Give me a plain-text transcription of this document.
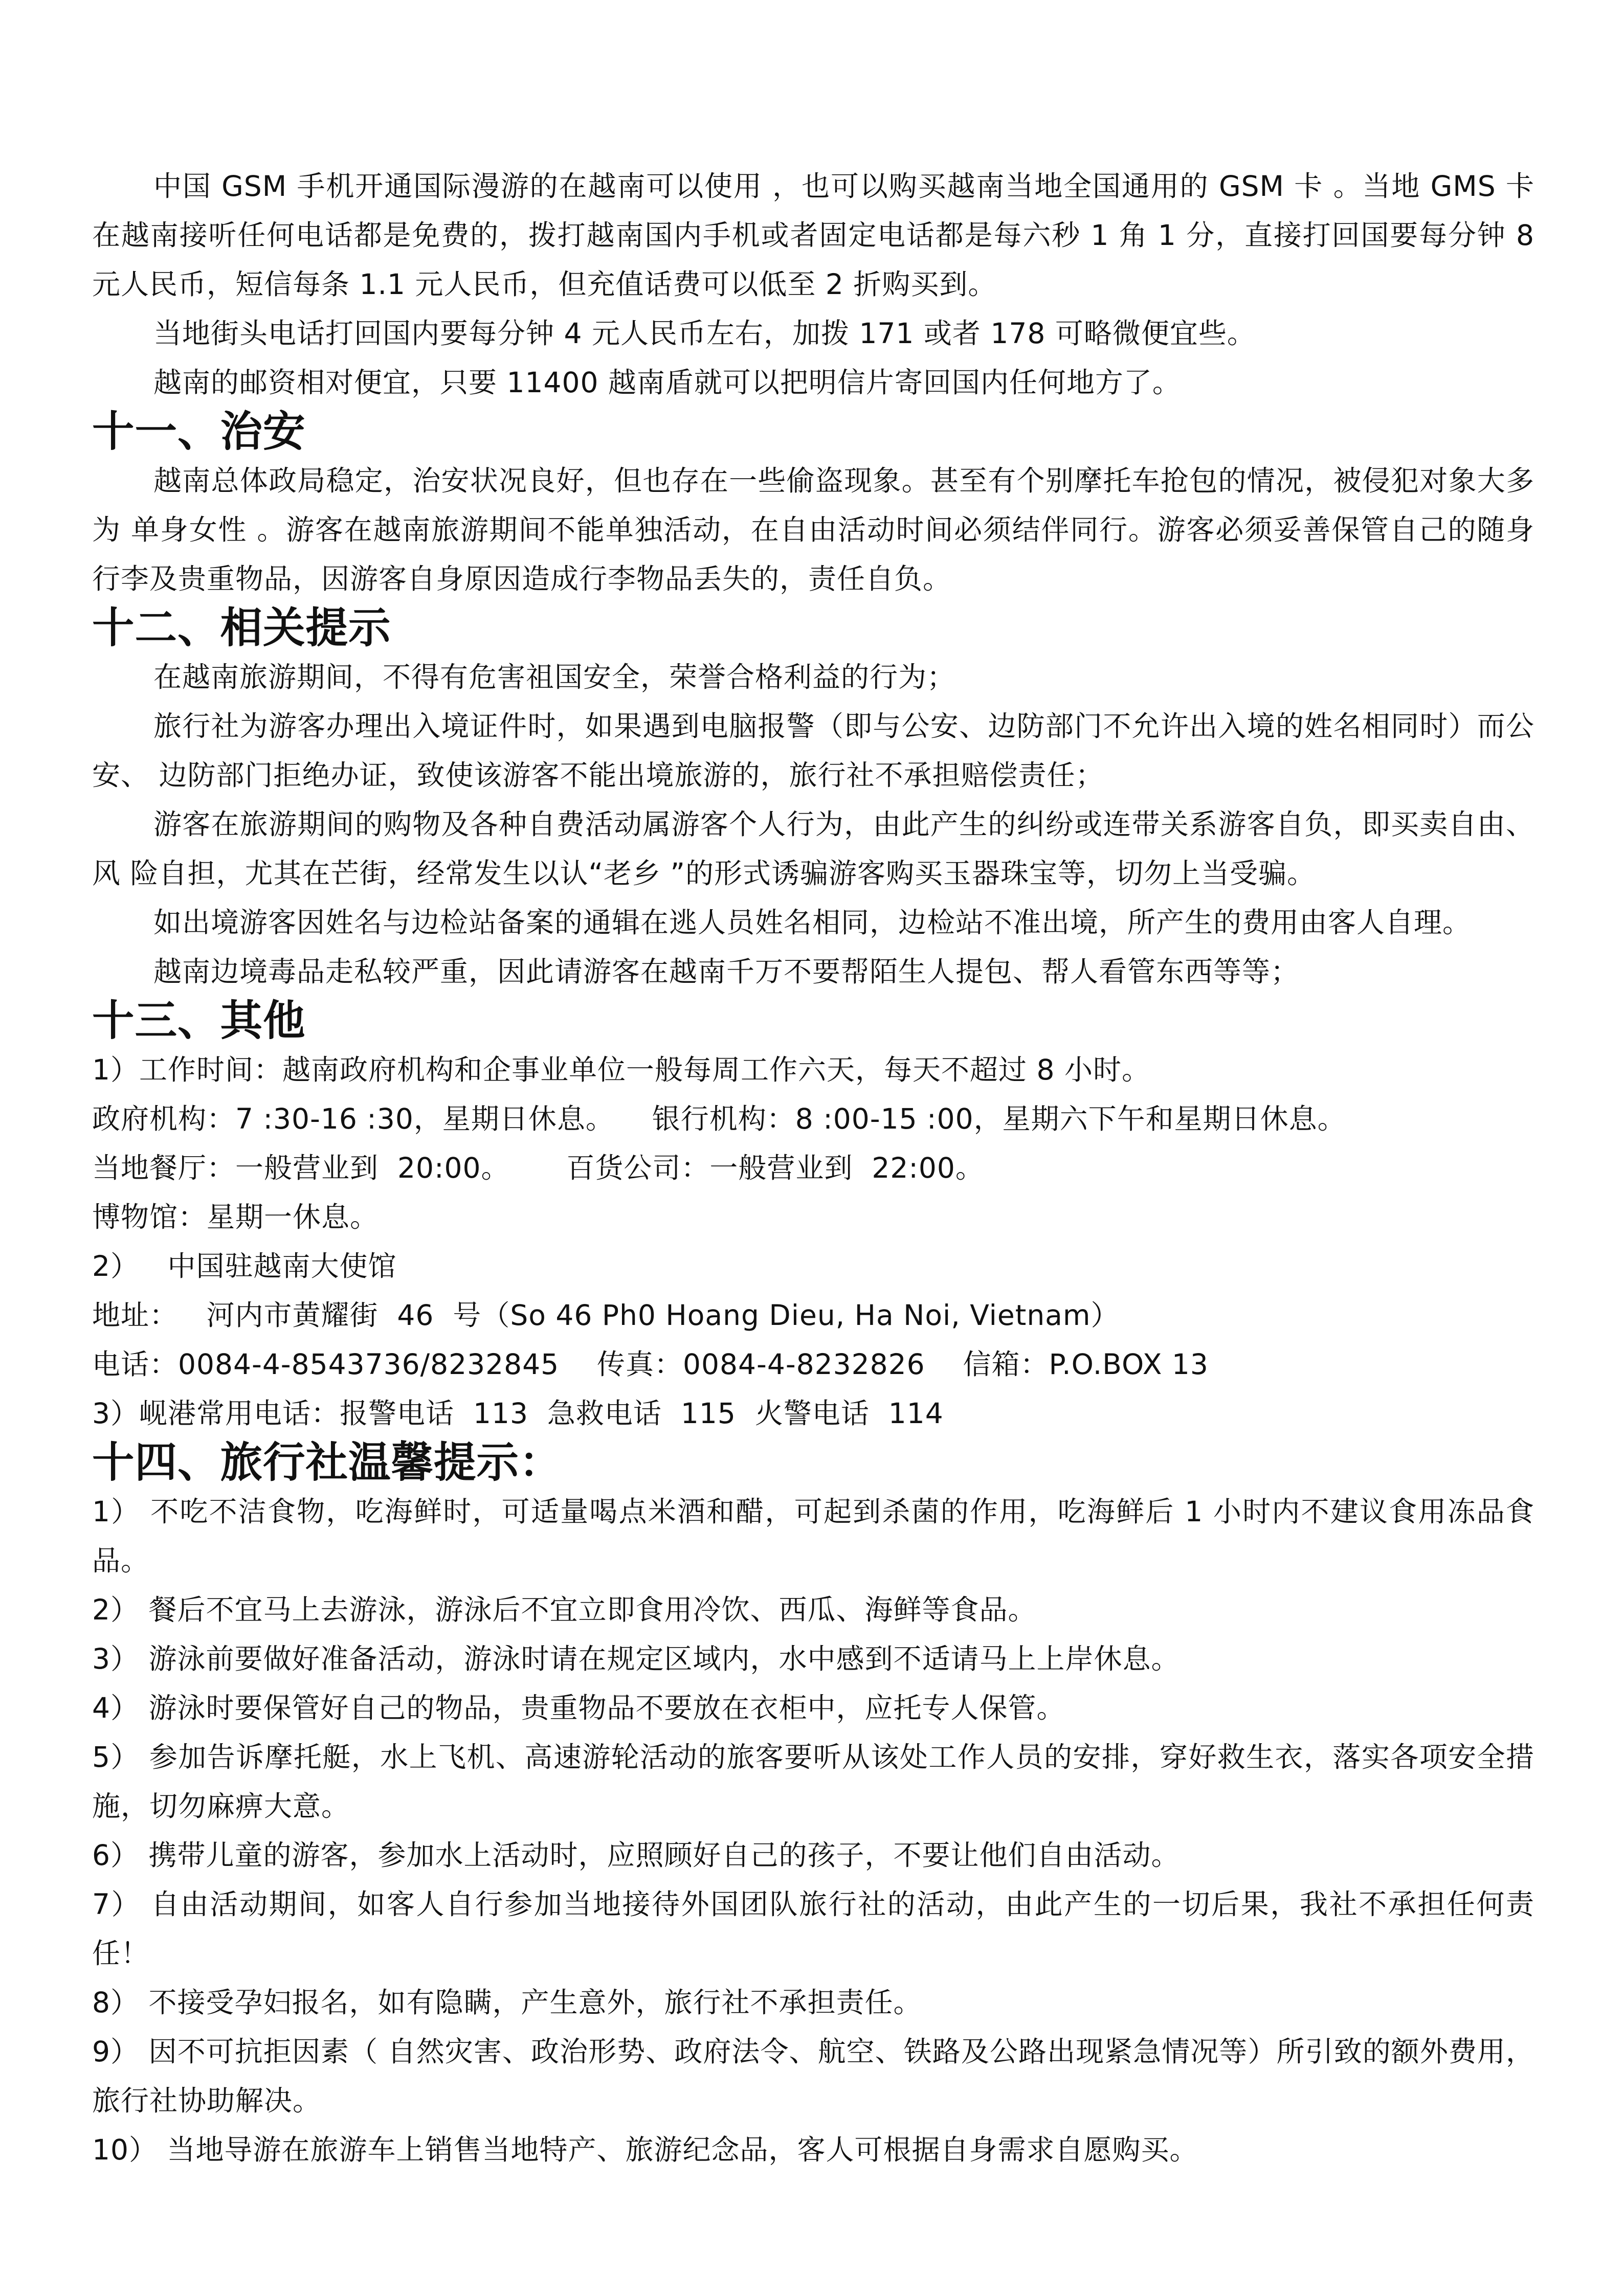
中国 GSM 手机开通国际漫游的在越南可以使用 ，也可以购买越南当地全国通用的 GSM 卡 。当地 GMS 卡在越南接听任何电话都是免费的，拨打越南国内手机或者固定电话都是每六秒 1 角 1 分，直接打回国要每分钟 8 元人民币，短信每条 1.1 元人民币，但充值话费可以低至 2 折购买到。

当地街头电话打回国内要每分钟 4 元人民币左右，加拨 171 或者 178 可略微便宜些。

越南的邮资相对便宜，只要 11400 越南盾就可以把明信片寄回国内任何地方了。

十一、治安

越南总体政局稳定，治安状况良好，但也存在一些偷盗现象。甚至有个别摩托车抢包的情况，被侵犯对象大多为 单身女性 。游客在越南旅游期间不能单独活动，在自由活动时间必须结伴同行。游客必须妥善保管自己的随身 行李及贵重物品，因游客自身原因造成行李物品丢失的，责任自负。

十二、相关提示

在越南旅游期间，不得有危害祖国安全，荣誉合格利益的行为；

旅行社为游客办理出入境证件时，如果遇到电脑报警（即与公安、边防部门不允许出入境的姓名相同时）而公安、 边防部门拒绝办证，致使该游客不能出境旅游的，旅行社不承担赔偿责任；

游客在旅游期间的购物及各种自费活动属游客个人行为，由此产生的纠纷或连带关系游客自负，即买卖自由、风 险自担，尤其在芒街，经常发生以认“老乡 ”的形式诱骗游客购买玉器珠宝等，切勿上当受骗。

如出境游客因姓名与边检站备案的通辑在逃人员姓名相同，边检站不准出境，所产生的费用由客人自理。

越南边境毒品走私较严重，因此请游客在越南千万不要帮陌生人提包、帮人看管东西等等；

十三、其他

1）工作时间：越南政府机构和企事业单位一般每周工作六天，每天不超过 8 小时。

政府机构：7 :30-16 :30，星期日休息。    银行机构：8 :00-15 :00，星期六下午和星期日休息。

当地餐厅：一般营业到  20:00。      百货公司：一般营业到  22:00。

博物馆：星期一休息。

2）   中国驻越南大使馆

地址：   河内市黄耀街  46  号（So 46 Ph0 Hoang Dieu, Ha Noi, Vietnam）

电话：0084-4-8543736/8232845    传真：0084-4-8232826    信箱：P.O.BOX 13

3）岘港常用电话：报警电话  113  急救电话  115  火警电话  114

十四、旅行社温馨提示：

1） 不吃不洁食物，吃海鲜时，可适量喝点米酒和醋，可起到杀菌的作用，吃海鲜后 1 小时内不建议食用冻品食品。

2） 餐后不宜马上去游泳，游泳后不宜立即食用冷饮、西瓜、海鲜等食品。

3） 游泳前要做好准备活动，游泳时请在规定区域内，水中感到不适请马上上岸休息。

4） 游泳时要保管好自己的物品，贵重物品不要放在衣柜中，应托专人保管。

5） 参加告诉摩托艇，水上飞机、高速游轮活动的旅客要听从该处工作人员的安排，穿好救生衣，落实各项安全措施，切勿麻痹大意。

6） 携带儿童的游客，参加水上活动时，应照顾好自己的孩子，不要让他们自由活动。

7） 自由活动期间，如客人自行参加当地接待外国团队旅行社的活动，由此产生的一切后果，我社不承担任何责任！

8） 不接受孕妇报名，如有隐瞒，产生意外，旅行社不承担责任。

9） 因不可抗拒因素（ 自然灾害、政治形势、政府法令、航空、铁路及公路出现紧急情况等）所引致的额外费用，旅行社协助解决。

10） 当地导游在旅游车上销售当地特产、旅游纪念品，客人可根据自身需求自愿购买。
